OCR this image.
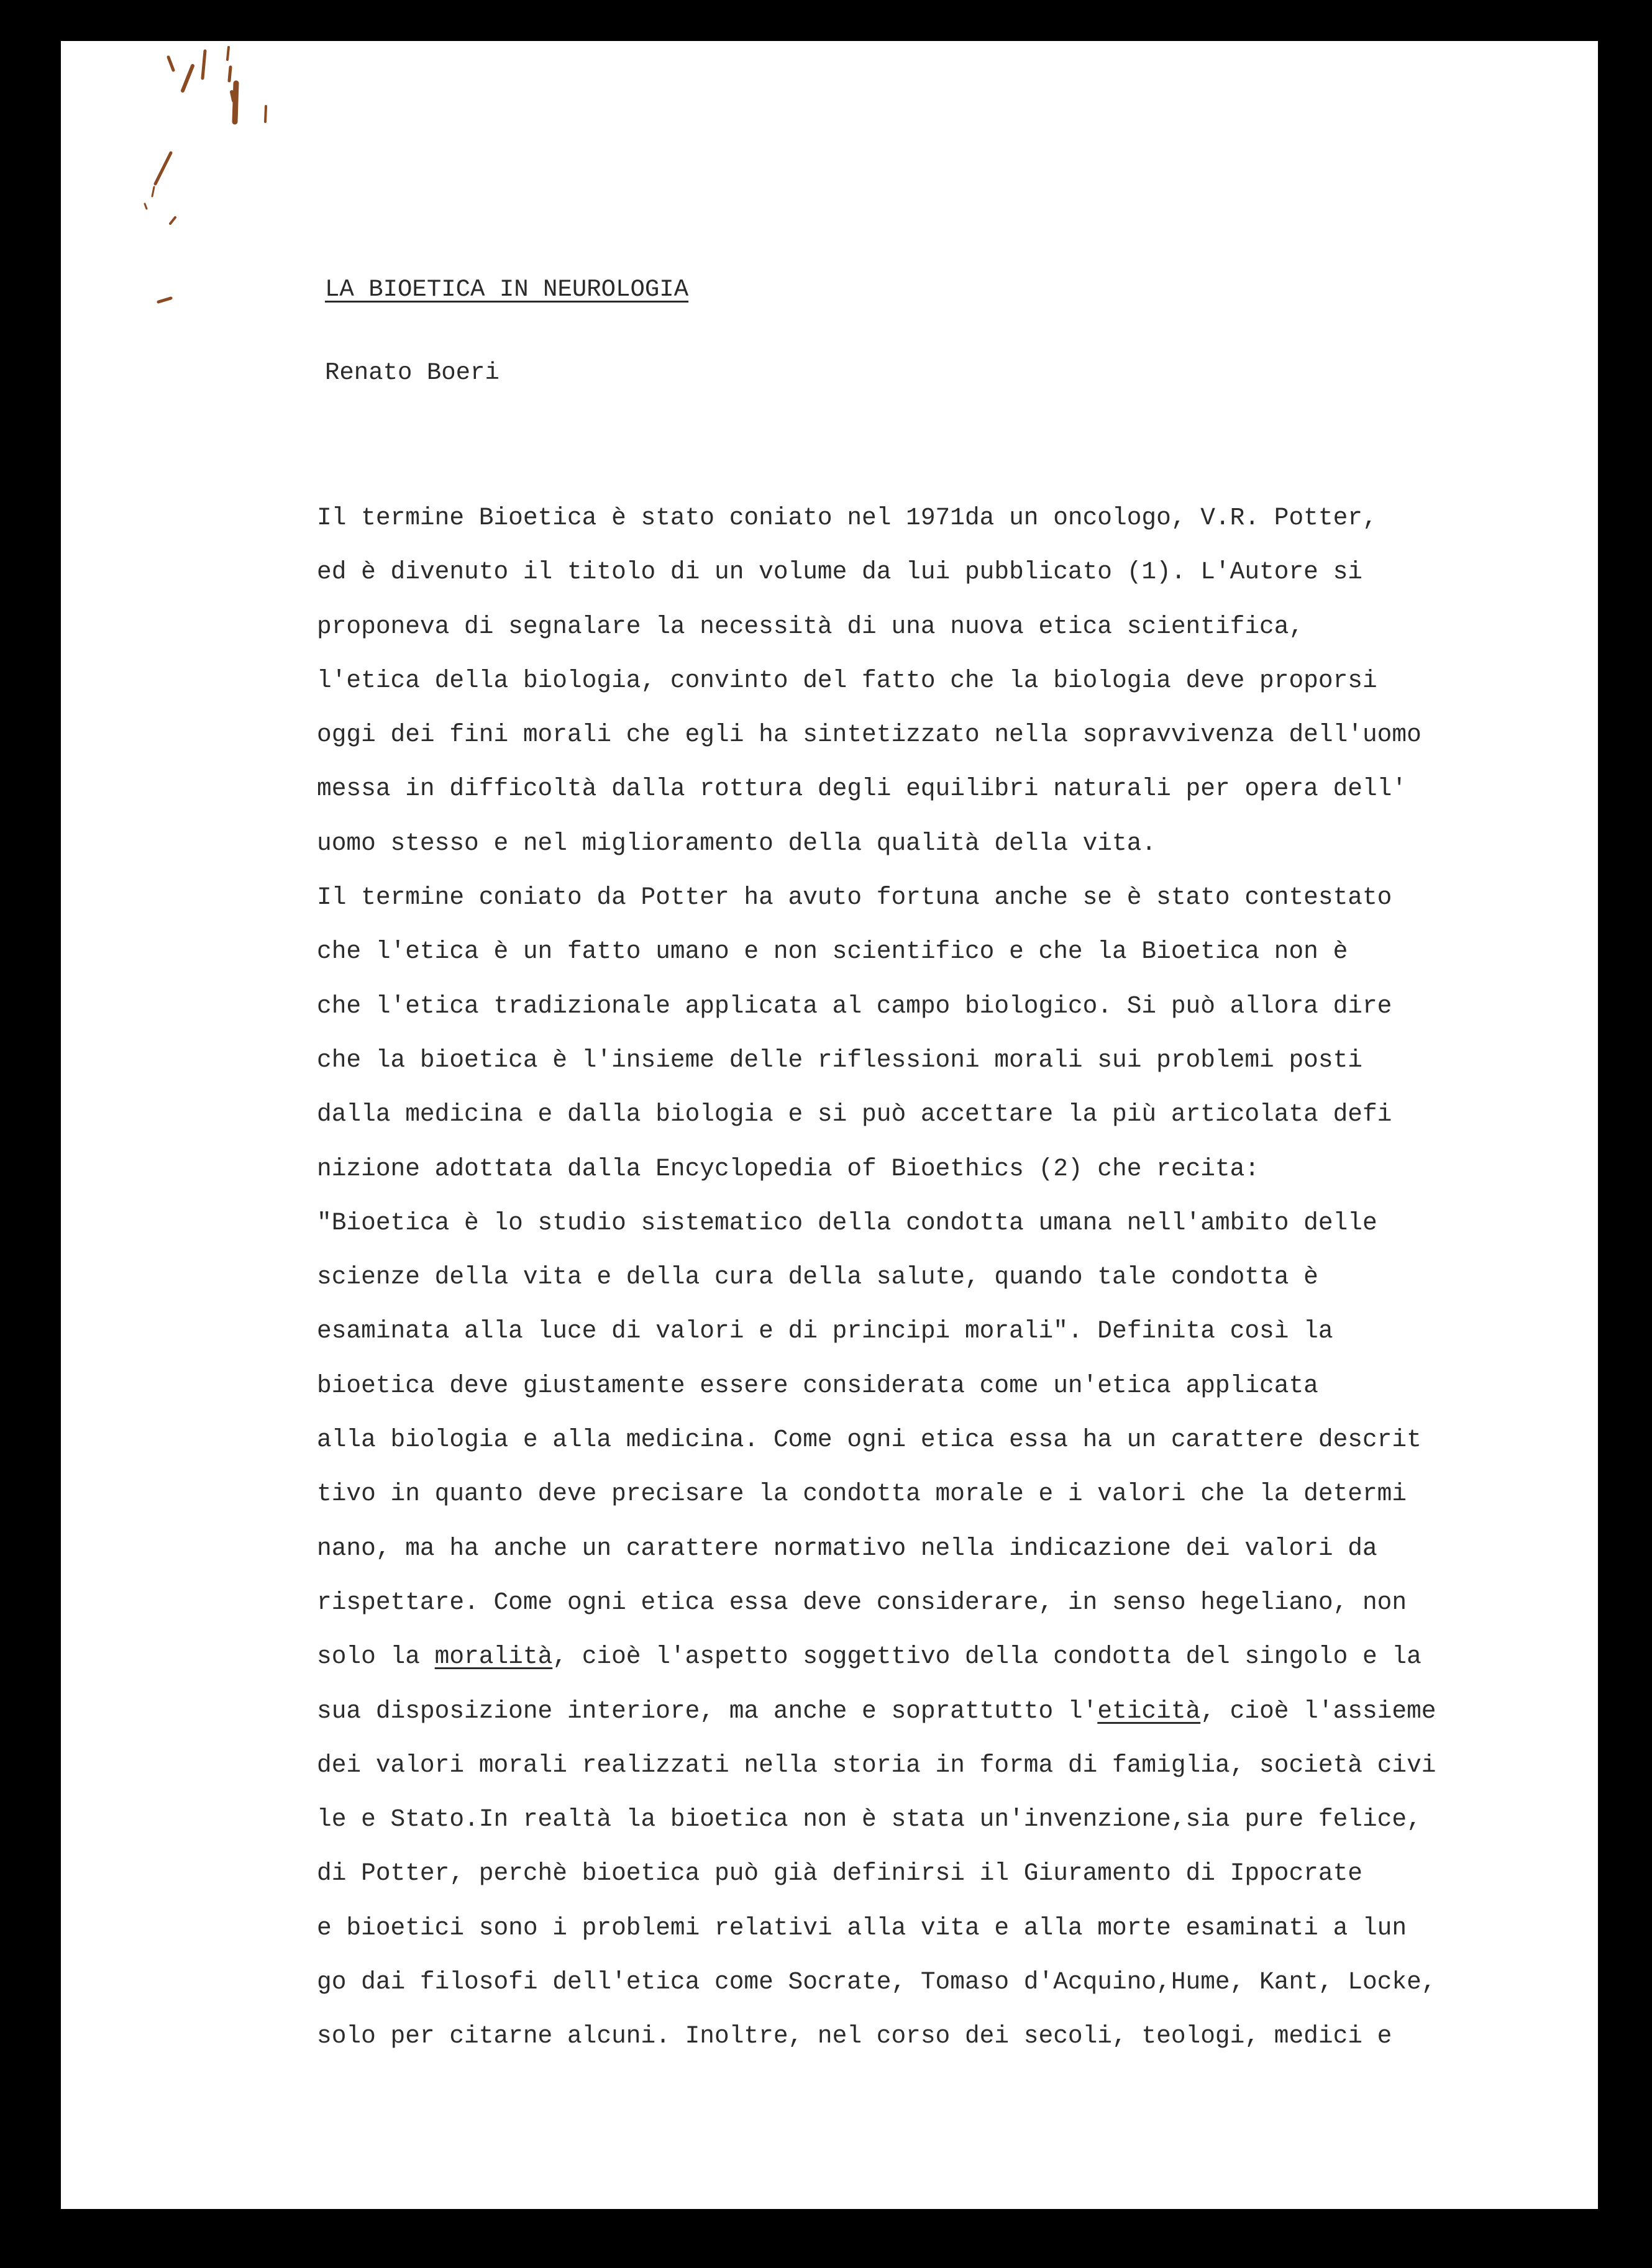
LA BIOETICA IN NEUROLOGIA
Renato Boeri
Il termine Bioetica è stato coniato nel 1971da un oncologo, V.R. Potter,
ed è divenuto il titolo di un volume da lui pubblicato (1). L'Autore si
proponeva di segnalare la necessità di una nuova etica scientifica,
l'etica della biologia, convinto del fatto che la biologia deve proporsi
oggi dei fini morali che egli ha sintetizzato nella sopravvivenza dell'uomo
messa in difficoltà dalla rottura degli equilibri naturali per opera dell'
uomo stesso e nel miglioramento della qualità della vita.
Il termine coniato da Potter ha avuto fortuna anche se è stato contestato
che l'etica è un fatto umano e non scientifico e che la Bioetica non è
che l'etica tradizionale applicata al campo biologico. Si può allora dire
che la bioetica è l'insieme delle riflessioni morali sui problemi posti
dalla medicina e dalla biologia e si può accettare la più articolata defi
nizione adottata dalla Encyclopedia of Bioethics (2) che recita:
"Bioetica è lo studio sistematico della condotta umana nell'ambito delle
scienze della vita e della cura della salute, quando tale condotta è
esaminata alla luce di valori e di principi morali". Definita così la
bioetica deve giustamente essere considerata come un'etica applicata
alla biologia e alla medicina. Come ogni etica essa ha un carattere descrit
tivo in quanto deve precisare la condotta morale e i valori che la determi
nano, ma ha anche un carattere normativo nella indicazione dei valori da
rispettare. Come ogni etica essa deve considerare, in senso hegeliano, non
solo la moralità, cioè l'aspetto soggettivo della condotta del singolo e la
sua disposizione interiore, ma anche e soprattutto l'eticità, cioè l'assieme
dei valori morali realizzati nella storia in forma di famiglia, società civi
le e Stato.In realtà la bioetica non è stata un'invenzione,sia pure felice,
di Potter, perchè bioetica può già definirsi il Giuramento di Ippocrate
e bioetici sono i problemi relativi alla vita e alla morte esaminati a lun
go dai filosofi dell'etica come Socrate, Tomaso d'Acquino,Hume, Kant, Locke,
solo per citarne alcuni. Inoltre, nel corso dei secoli, teologi, medici e
